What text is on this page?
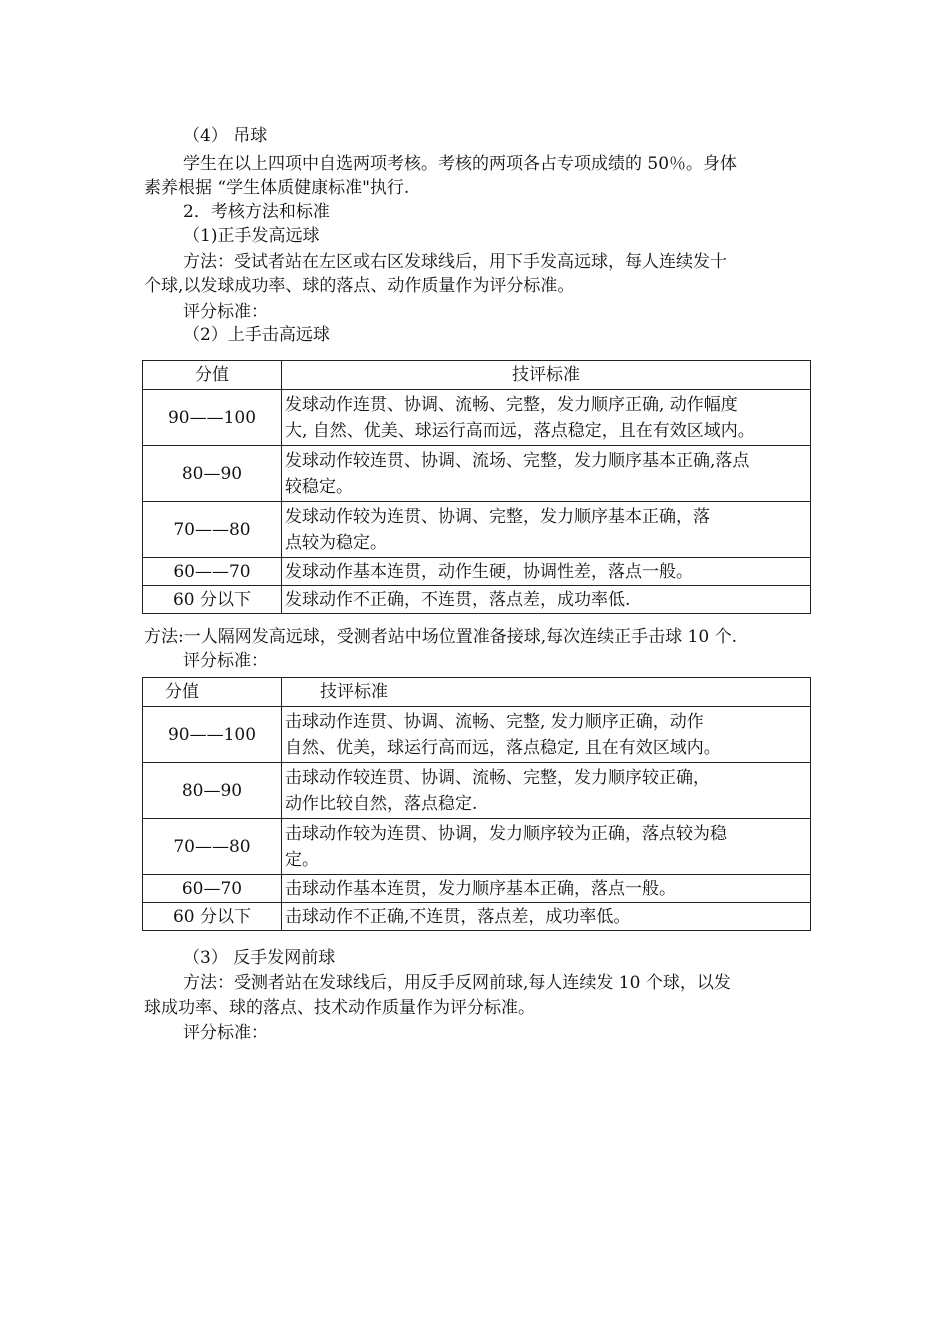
（4） 吊球
学生在以上四项中自选两项考核。考核的两项各占专项成绩的 50％。身体
素养根据 “学生体质健康标准"执行.
2．考核方法和标准
（1)正手发高远球
方法：受试者站在左区或右区发球线后，用下手发高远球，每人连续发十
个球,以发球成功率、球的落点、动作质量作为评分标准。
评分标准：
（2）上手击高远球
分值	技评标准
90——100	发球动作连贯、协调、流畅、完整，发力顺序正确, 动作幅度
大, 自然、优美、球运行高而远，落点稳定，且在有效区域内。

80—90	发球动作较连贯、协调、流场、完整，发力顺序基本正确,落点
较稳定。

70——80	发球动作较为连贯、协调、完整，发力顺序基本正确，落
点较为稳定。

60——70	发球动作基本连贯，动作生硬，协调性差，落点一般。
60 分以下	发球动作不正确，不连贯，落点差，成功率低.
方法:一人隔网发高远球，受测者站中场位置准备接球,每次连续正手击球 10 个.
评分标准：
分值	技评标准
90——100	击球动作连贯、协调、流畅、完整, 发力顺序正确，动作
自然、优美，球运行高而远，落点稳定, 且在有效区域内。

80—90	击球动作较连贯、协调、流畅、完整，发力顺序较正确，
动作比较自然，落点稳定.

70——80	击球动作较为连贯、协调，发力顺序较为正确，落点较为稳
定。

60—70	击球动作基本连贯，发力顺序基本正确，落点一般。
60 分以下	击球动作不正确,不连贯，落点差，成功率低。
（3） 反手发网前球
方法：受测者站在发球线后，用反手反网前球,每人连续发 10 个球，以发
球成功率、球的落点、技术动作质量作为评分标准。
评分标准：
